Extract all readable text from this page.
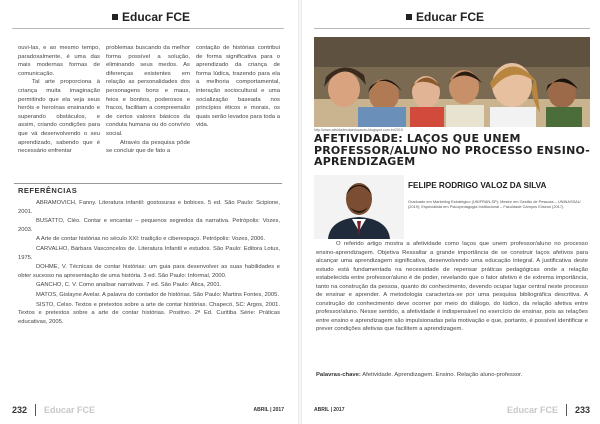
Educar FCE

ouvi-las, e ao mesmo tempo, paradoxalmente, é uma das mais modernas formas de comunicação.

Tal arte proporciona à criança muita imaginação permitindo que ela veja seus heróis e heroínas ensinando e superando obstáculos, e assim, criando condições para que vá desenvolvendo o seu aprendizado, sabendo que é necessário enfrentar

problemas buscando da melhor forma possível a solução, eliminando seus medos. As diferenças existentes em relação as personalidades dos personagens bons e maus, feios e bonitos, poderosos e fracos, facilitam a compreensão de certos valores básicos da conduta humana ou do convívio social.

Através da pesquisa pôde se concluir que de fato a

contação de histórias contribui de forma significativa para o aprendizado da criança de forma lúdica, trazendo para ela a melhoria comportamental, interação sociocultural e uma socialização baseada nos princípios éticos e morais, os quais serão levados para toda a vida.

REFERÊNCIAS

ABRAMOVICH, Fanny. Literatura infantil: gostosuras e bobices. 5 ed. São Paulo: Scipione, 2001.

BUSATTO, Cléo. Contar e encantar – pequenos segredos da narrativa. Petrópolis: Vozes, 2003.

A Arte de contar histórias no século XXI: tradição e ciberespaço. Petrópolis: Vozes, 2006.

CARVALHO, Bárbara Vasconcelos de. Literatura Infantil e estudos. São Paulo: Editora Lotus, 1975.

DOHME, V. Técnicas de contar histórias: um guia para desenvolver as suas habilidades e obter sucesso na apresentação de uma história. 3 ed. São Paulo: Informal, 2000.

GANCHO, C. V. Como analisar narrativas. 7 ed. São Paulo: Ática, 2001.

MATOS, Gislayne Avelar. A palavra do contador de histórias. São Paulo: Martins Fontes, 2005.

SISTO, Celso. Textos e pretextos sobre a arte de contar histórias. Chapecó, SC: Argos, 2001. Textos e pretextos sobre a arte de contar histórias. Positivo. 2ª Ed. Curitiba Série: Práticas educativas, 2005.

232 Educar FCE	ABRIL | 2017
Educar FCE
http://www.atividadesdaeducacao.blogspot.com.br/2015
AFETIVIDADE: LAÇOS QUE UNEM PROFESSOR/ALUNO NO PROCESSO ENSINO-APRENDIZAGEM
FELIPE RODRIGO VALOZ DA SILVA
Graduado em Marketing Estratégico (UNIFRAN-SP); Mestre em Gestão de Pessoas – UNINASSAU (2019); Especialista em Psicopedagogia Institucional – Faculdade Campos Elíseos (2017).

O referido artigo mostra a afetividade como laços que unem professor/aluno no processo ensino-aprendizagem. Objetiva Ressaltar a grande importância de se construir laços afetivos para alcançar uma aprendizagem significativa, desenvolvendo uma educação integral. A justificativa deste estudo está fundamentada na necessidade de repensar práticas pedagógicas onde a relação estabelecida entre professor/aluno é de poder, revelando que o fator afetivo é de extrema importância, tanto na construção da pessoa, quanto do conhecimento, devendo ocupar lugar central neste processo de ensinar e aprender. A metodologia caracteriza-se por uma pesquisa bibliográfica descritiva. A construção do conhecimento deve ocorrer por meio do diálogo, do lúdico, da relação afetiva entre professor/aluno. Nesse sentido, a afetividade é indispensável no exercício de ensinar, pois as relações entre ensino e aprendizagem são impulsionadas pela motivação e que, portanto, é possível identificar e prever condições afetivas que facilitem a aprendizagem.

Palavras-chave: Afetividade. Aprendizagem. Ensino. Relação aluno-professor.
ABRIL | 2017	Educar FCE 233
